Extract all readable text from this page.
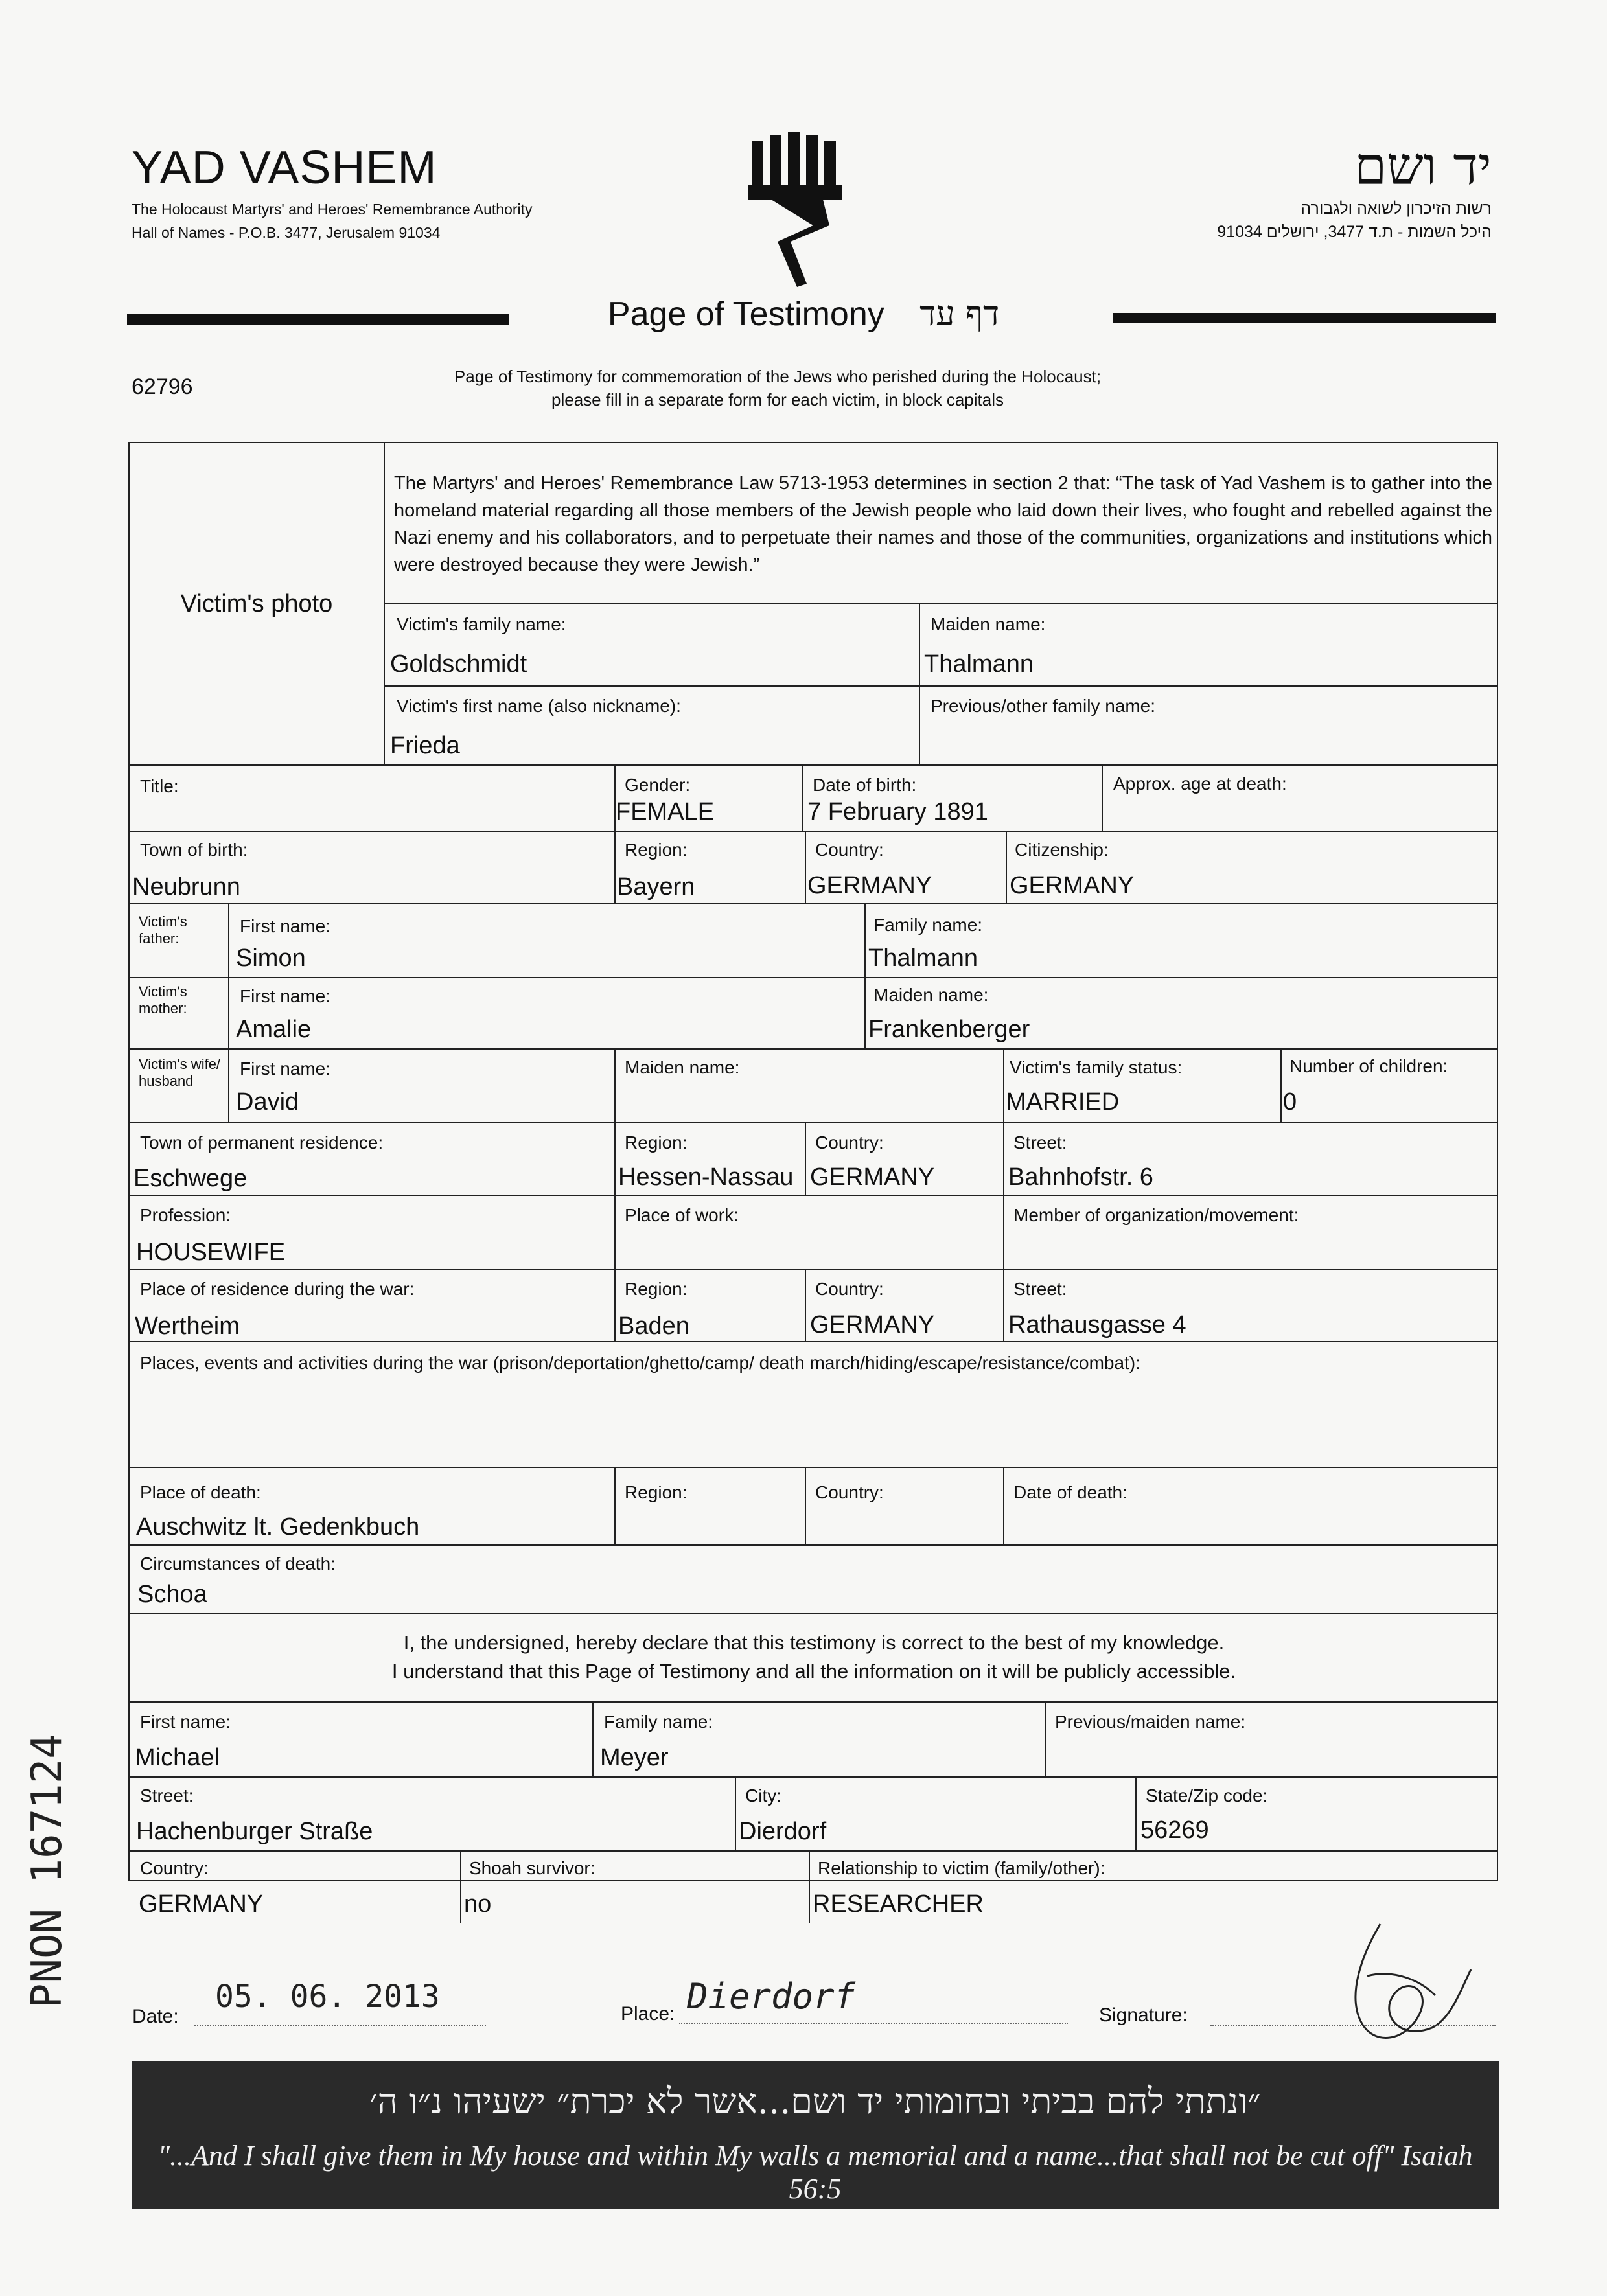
YAD VASHEM
The Holocaust Martyrs' and Heroes' Remembrance Authority
Hall of Names - P.O.B. 3477, Jerusalem 91034
יד ושם
רשות הזיכרון לשואה ולגבורה
היכל השמות - ת.ד 3477, ירושלים 91034
Page of Testimony דף עד
62796	Page of Testimony for commemoration of the Jews who perished during the Holocaust;
please fill in a separate form for each victim, in block capitals
Victim's photo
The Martyrs' and Heroes' Remembrance Law 5713-1953 determines in section 2 that: “The task of Yad Vashem is to gather into the homeland material regarding all those members of the Jewish people who laid down their lives, who fought and rebelled against the Nazi enemy and his collaborators, and to perpetuate their names and those of the communities, organizations and institutions which were destroyed because they were Jewish.”
Victim's family name:
Goldschmidt
Maiden name:
Thalmann
Victim's first name (also nickname):
Frieda
Previous/other family name:
Title:	Gender:
FEMALE
Date of birth:
7 February 1891
Approx. age at death:
Town of birth:
Neubrunn
Region:
Bayern
Country:
GERMANY
Citizenship:
GERMANY
Victim's father:
First name:
Simon
Family name:
Thalmann
Victim's mother:
First name:
Amalie
Maiden name:
Frankenberger
Victim's wife/ husband
First name:
David
Maiden name:	Victim's family status:
MARRIED
Number of children:
0
Town of permanent residence:
Eschwege
Region:
Hessen-Nassau
Country:
GERMANY
Street:
Bahnhofstr. 6
Profession:
HOUSEWIFE
Place of work:	Member of organization/movement:
Place of residence during the war:
Wertheim
Region:
Baden
Country:
GERMANY
Street:
Rathausgasse 4
Places, events and activities during the war (prison/deportation/ghetto/camp/ death march/hiding/escape/resistance/combat):
Place of death:
Auschwitz lt. Gedenkbuch
Region:	Country:	Date of death:
Circumstances of death:
Schoa
I, the undersigned, hereby declare that this testimony is correct to the best of my knowledge.
I understand that this Page of Testimony and all the information on it will be publicly accessible.
First name:
Michael
Family name:
Meyer
Previous/maiden name:
Street:
Hachenburger Straße
City:
Dierdorf
State/Zip code:
56269
Country:
GERMANY
Shoah survivor:
no
Relationship to victim (family/other):
RESEARCHER
Date:
05. 06. 2013	Place: Dierdorf	Signature:
PNON 167124
״ונתתי להם בביתי ובחומותי יד ושם...אשר לא יכרת״ ישעיהו נ״ו ה׳
"...And I shall give them in My house and within My walls a memorial and a name...that shall not be cut off" Isaiah 56:5
